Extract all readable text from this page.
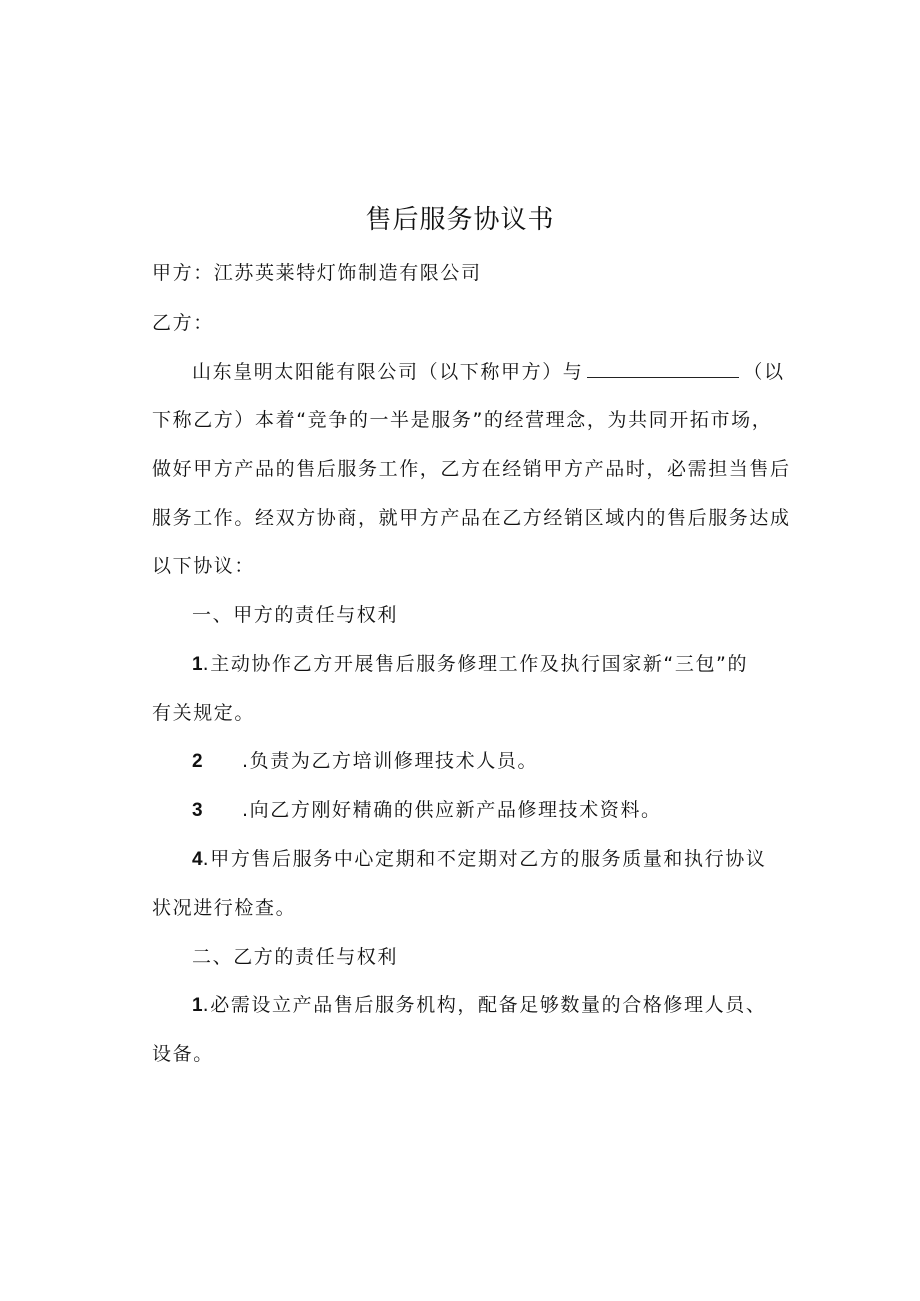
售后服务协议书
甲方：江苏英莱特灯饰制造有限公司
乙方：
山东皇明太阳能有限公司（以下称甲方）与	（以
下称乙方）本着“竞争的一半是服务”的经营理念，为共同开拓市场，
做好甲方产品的售后服务工作，乙方在经销甲方产品时，必需担当售后
服务工作。经双方协商，就甲方产品在乙方经销区域内的售后服务达成
以下协议：
一、甲方的责任与权利
1.主动协作乙方开展售后服务修理工作及执行国家新“三包”的
有关规定。
2 .负责为乙方培训修理技术人员。
3 .向乙方刚好精确的供应新产品修理技术资料。
4.甲方售后服务中心定期和不定期对乙方的服务质量和执行协议
状况进行检查。
二、乙方的责任与权利
1.必需设立产品售后服务机构，配备足够数量的合格修理人员、
设备。
